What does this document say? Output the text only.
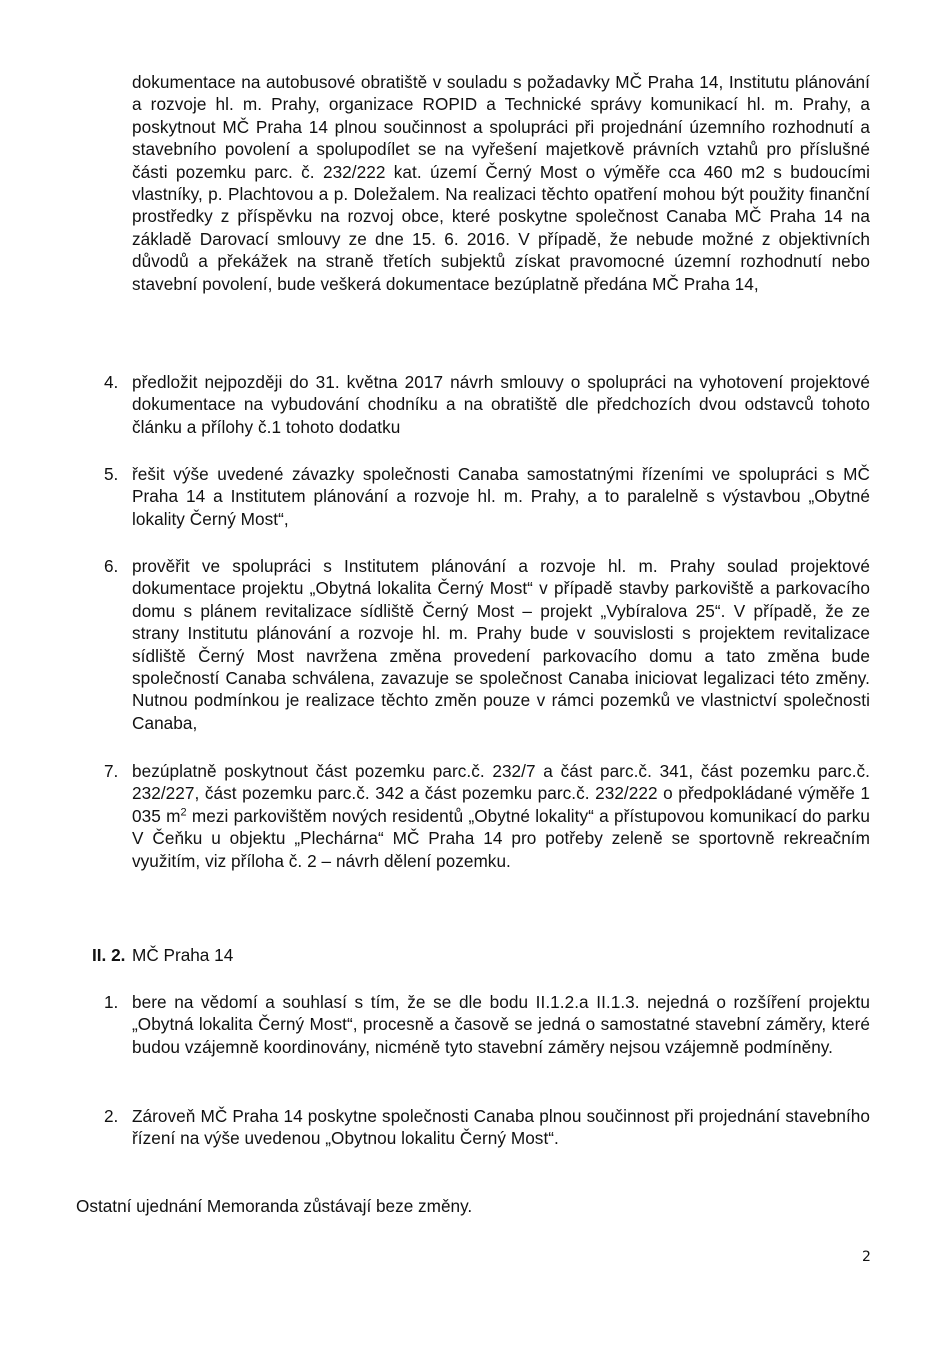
dokumentace na autobusové obratiště v souladu s požadavky MČ Praha 14, Institutu plánování a rozvoje hl. m. Prahy, organizace ROPID a Technické správy komunikací hl. m. Prahy, a poskytnout MČ Praha 14 plnou součinnost a spolupráci při projednání územního rozhodnutí a stavebního povolení a spolupodílet se na vyřešení majetkově právních vztahů pro příslušné části pozemku parc. č. 232/222 kat. území Černý Most o výměře cca 460 m2 s budoucími vlastníky, p. Plachtovou a p. Doležalem. Na realizaci těchto opatření mohou být použity finanční prostředky z příspěvku na rozvoj obce, které poskytne společnost Canaba MČ Praha 14 na základě Darovací smlouvy ze dne 15. 6. 2016. V případě, že nebude možné z objektivních důvodů a překážek na straně třetích subjektů získat pravomocné územní rozhodnutí nebo stavební povolení, bude veškerá dokumentace bezúplatně předána MČ Praha 14,
4. předložit nejpozději do 31. května 2017 návrh smlouvy o spolupráci na vyhotovení projektové dokumentace na vybudování chodníku a na obratiště dle předchozích dvou odstavců tohoto článku a přílohy č.1 tohoto dodatku
5. řešit výše uvedené závazky společnosti Canaba samostatnými řízeními ve spolupráci s MČ Praha 14 a Institutem plánování a rozvoje hl. m. Prahy, a to paralelně s výstavbou „Obytné lokality Černý Most“,
6. prověřit ve spolupráci s Institutem plánování a rozvoje hl. m. Prahy soulad projektové dokumentace projektu „Obytná lokalita Černý Most“ v případě stavby parkoviště a parkovacího domu s plánem revitalizace sídliště Černý Most – projekt „Vybíralova 25“. V případě, že ze strany Institutu plánování a rozvoje hl. m. Prahy bude v souvislosti s projektem revitalizace sídliště Černý Most navržena změna provedení parkovacího domu a tato změna bude společností Canaba schválena, zavazuje se společnost Canaba iniciovat legalizaci této změny. Nutnou podmínkou je realizace těchto změn pouze v rámci pozemků ve vlastnictví společnosti Canaba,
7. bezúplatně poskytnout část pozemku parc.č. 232/7 a část parc.č. 341, část pozemku parc.č. 232/227, část pozemku parc.č. 342 a část pozemku parc.č. 232/222 o předpokládané výměře 1 035 $m^2$ mezi parkovištěm nových residentů „Obytné lokality“ a přístupovou komunikací do parku V Čeňku u objektu „Plechárna“ MČ Praha 14 pro potřeby zeleně se sportovně rekreačním využitím, viz příloha č. 2 – návrh dělení pozemku.
II. 2. MČ Praha 14
1. bere na vědomí a souhlasí s tím, že se dle bodu II.1.2.a II.1.3. nejedná o rozšíření projektu „Obytná lokalita Černý Most“, procesně a časově se jedná o samostatné stavební záměry, které budou vzájemně koordinovány, nicméně tyto stavební záměry nejsou vzájemně podmíněny.
2. Zároveň MČ Praha 14 poskytne společnosti Canaba plnou součinnost při projednání stavebního řízení na výše uvedenou „Obytnou lokalitu Černý Most“.
Ostatní ujednání Memoranda zůstávají beze změny.
2
